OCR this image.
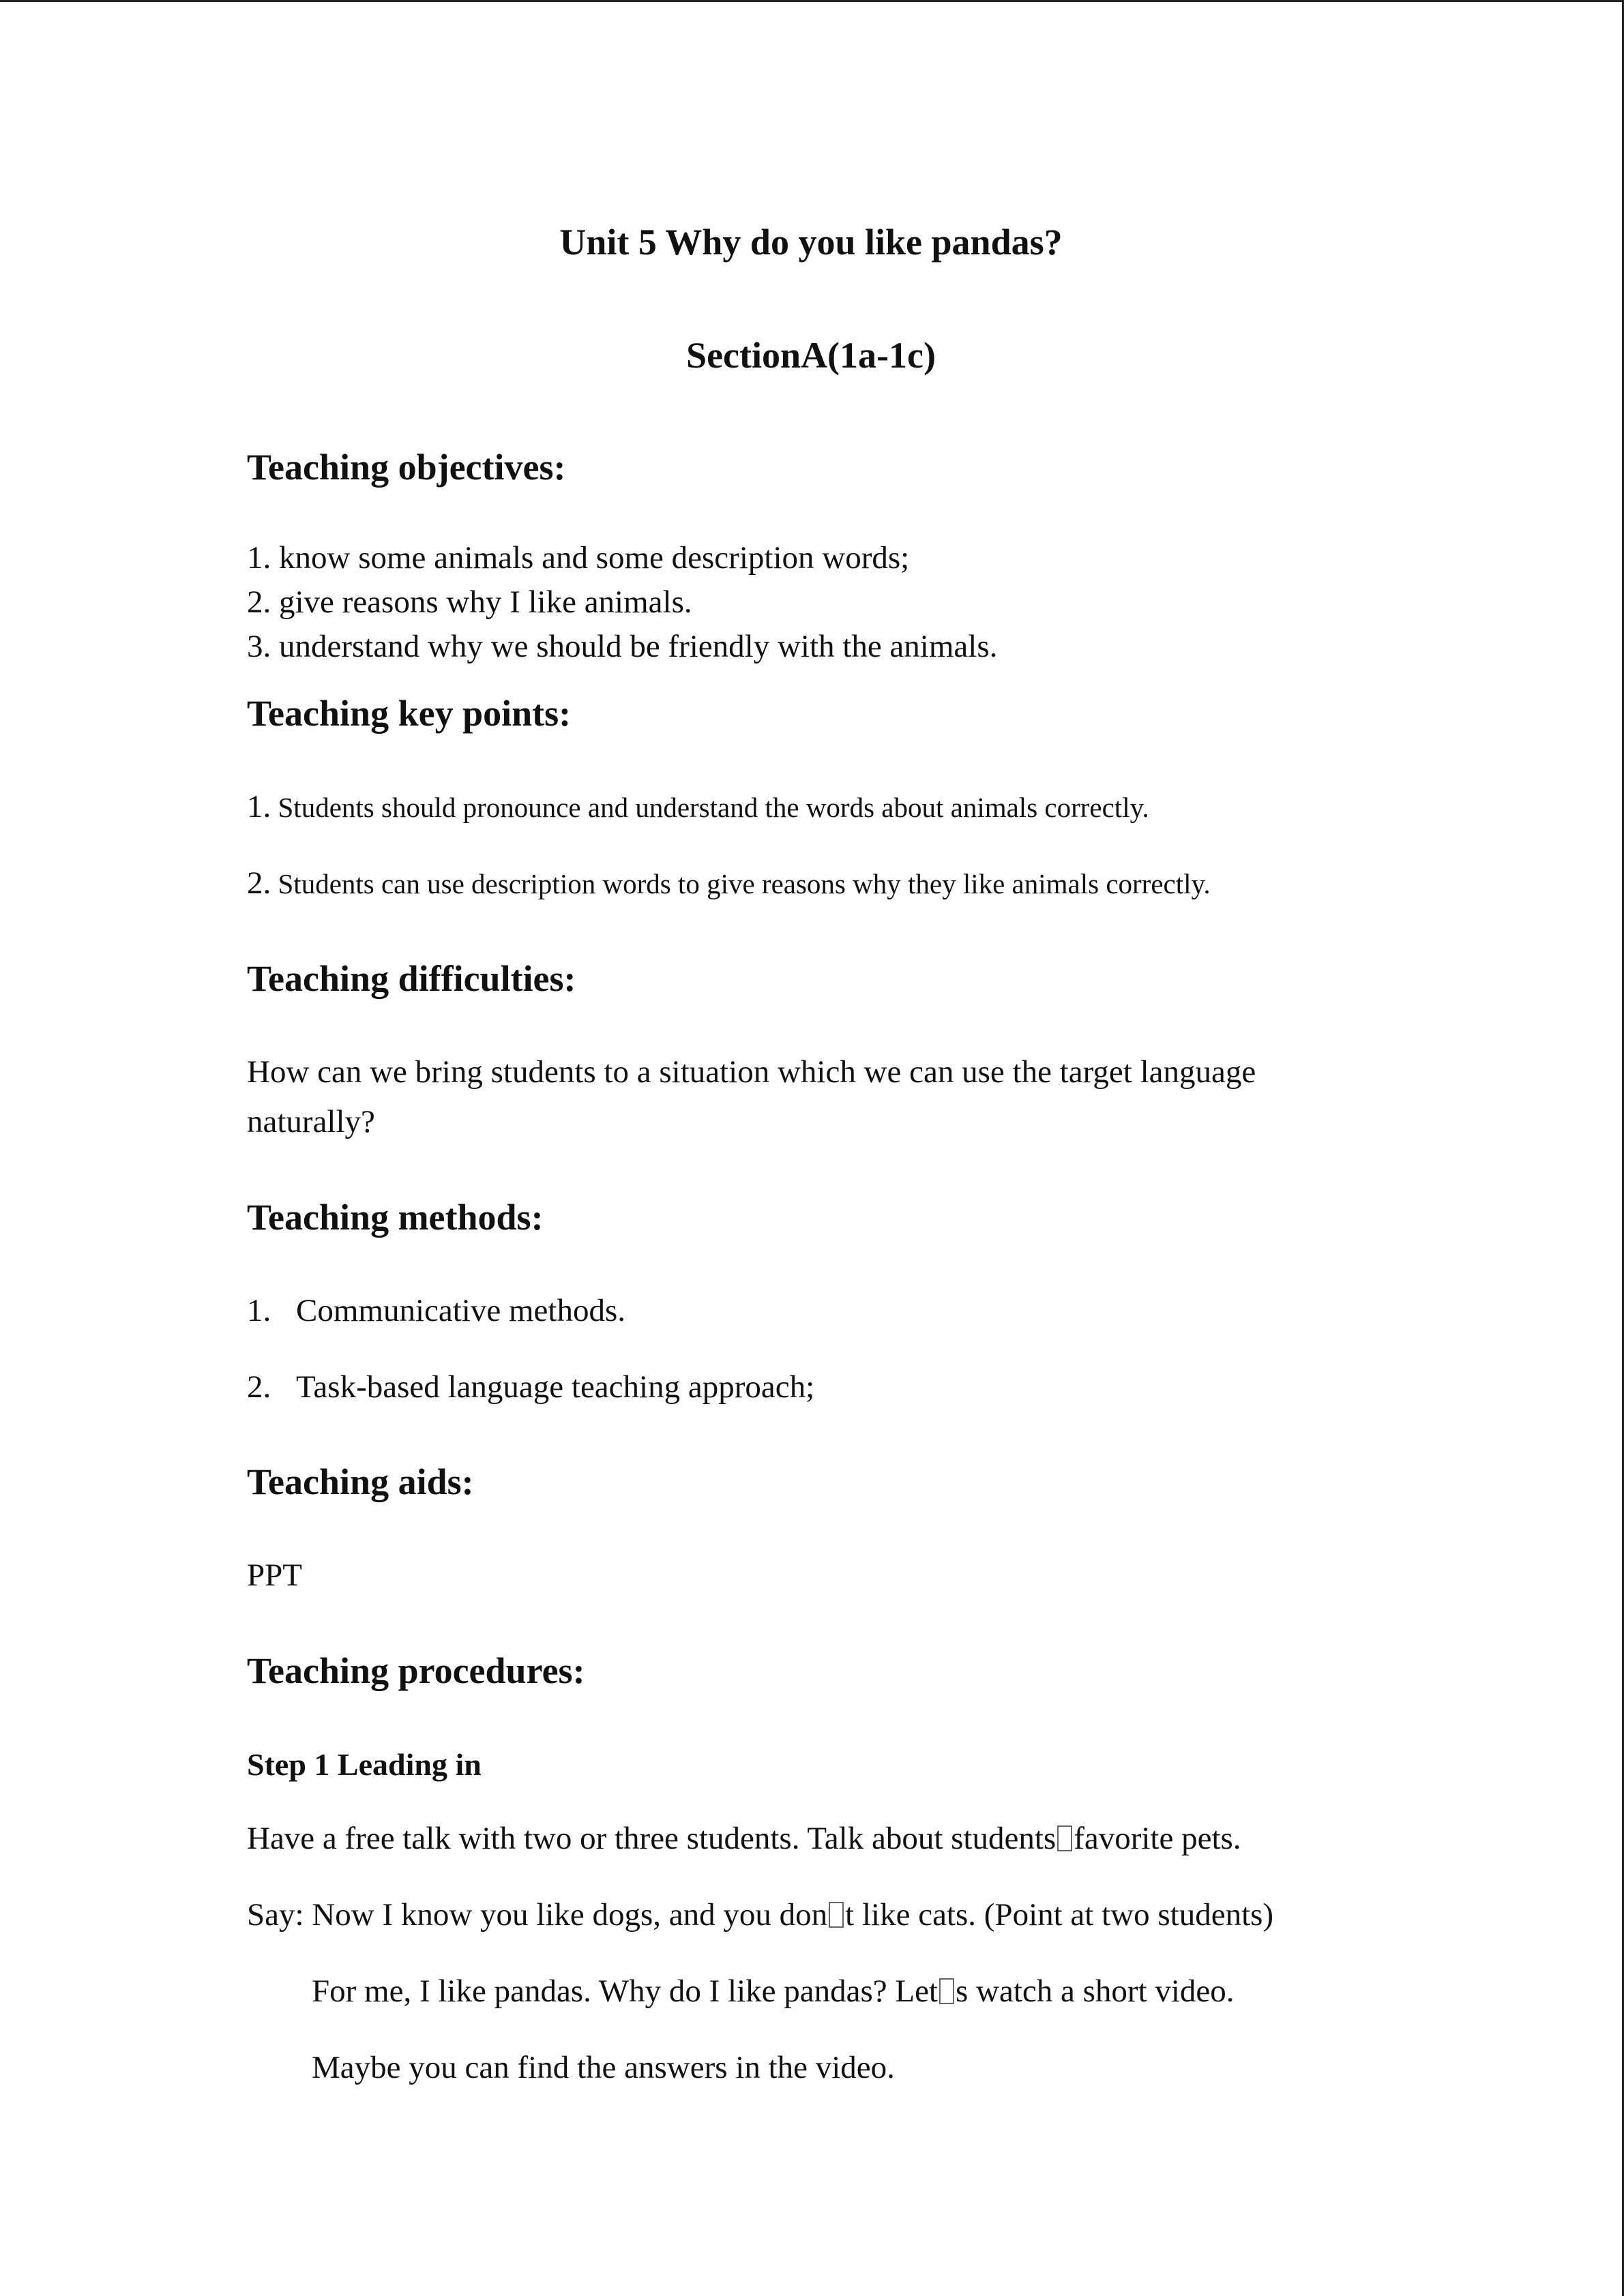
Unit 5 Why do you like pandas?
SectionA(1a-1c)
Teaching objectives:
1. know some animals and some description words;
2. give reasons why I like animals.
3. understand why we should be friendly with the animals.
Teaching key points:
1. Students should pronounce and understand the words about animals correctly.
2. Students can use description words to give reasons why they like animals correctly.
Teaching difficulties:
How can we bring students to a situation which we can use the target language
naturally?
Teaching methods:
1. Communicative methods.
2. Task-based language teaching approach;
Teaching aids:
PPT
Teaching procedures:
Step 1 Leading in
Have a free talk with two or three students. Talk about students favorite pets.
Say: Now I know you like dogs, and you don t like cats. (Point at two students)
For me, I like pandas. Why do I like pandas? Let s watch a short video.
Maybe you can find the answers in the video.
